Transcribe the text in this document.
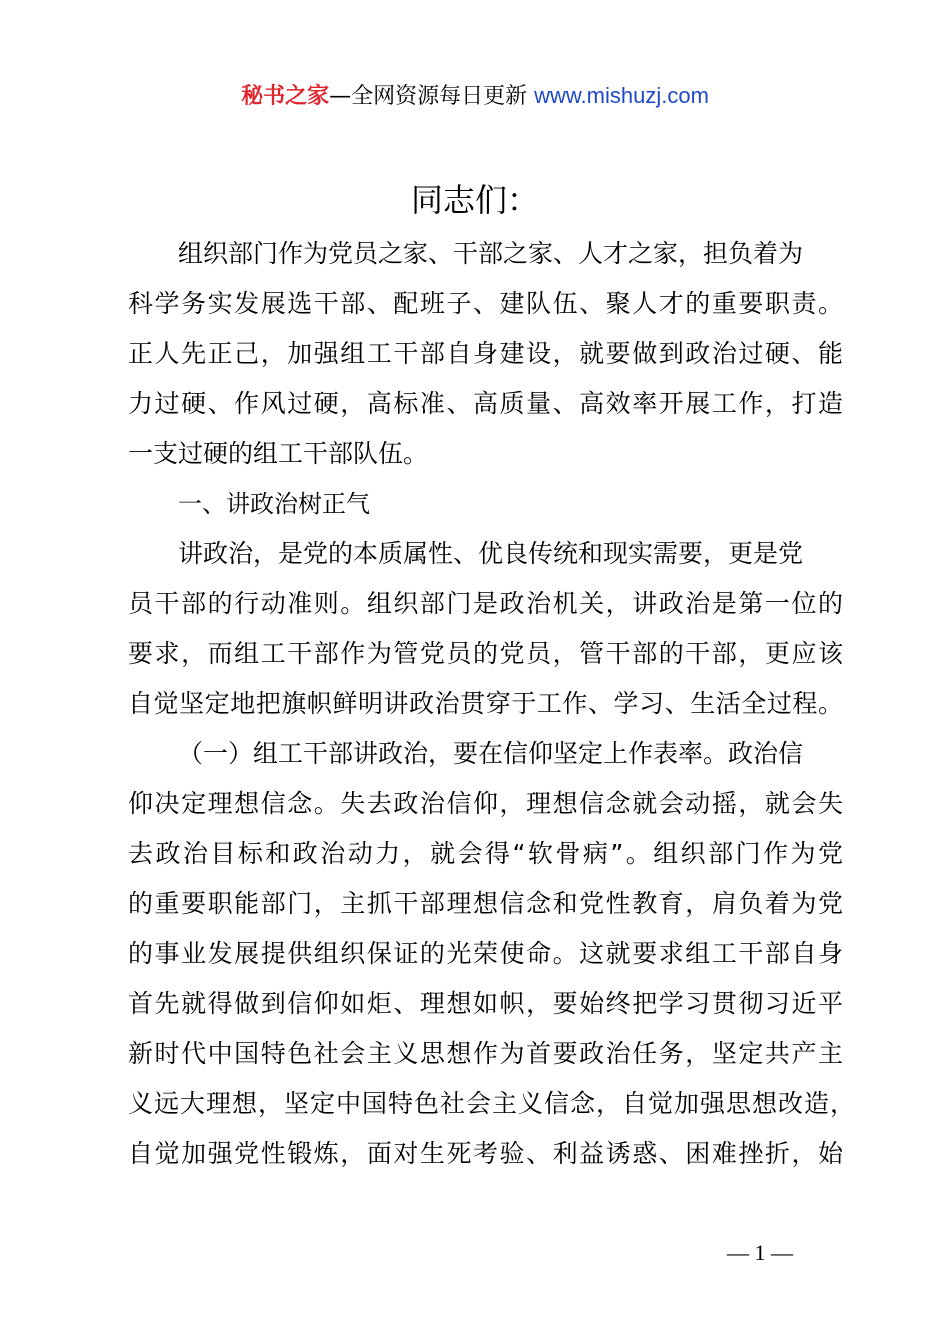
秘书之家—全网资源每日更新 www.mishuzj.com
同志们：
组织部门作为党员之家、干部之家、人才之家，担负着为
科学务实发展选干部、配班子、建队伍、聚人才的重要职责。
正人先正己，加强组工干部自身建设，就要做到政治过硬、能
力过硬、作风过硬，高标准、高质量、高效率开展工作，打造
一支过硬的组工干部队伍。
一、讲政治树正气
讲政治，是党的本质属性、优良传统和现实需要，更是党
员干部的行动准则。组织部门是政治机关，讲政治是第一位的
要求，而组工干部作为管党员的党员，管干部的干部，更应该
自觉坚定地把旗帜鲜明讲政治贯穿于工作、学习、生活全过程。
（一）组工干部讲政治，要在信仰坚定上作表率。政治信
仰决定理想信念。失去政治信仰，理想信念就会动摇，就会失
去政治目标和政治动力，就会得“软骨病”。组织部门作为党
的重要职能部门，主抓干部理想信念和党性教育，肩负着为党
的事业发展提供组织保证的光荣使命。这就要求组工干部自身
首先就得做到信仰如炬、理想如帜，要始终把学习贯彻习近平
新时代中国特色社会主义思想作为首要政治任务，坚定共产主
义远大理想，坚定中国特色社会主义信念，自觉加强思想改造，
自觉加强党性锻炼，面对生死考验、利益诱惑、困难挫折，始
— 1 —
